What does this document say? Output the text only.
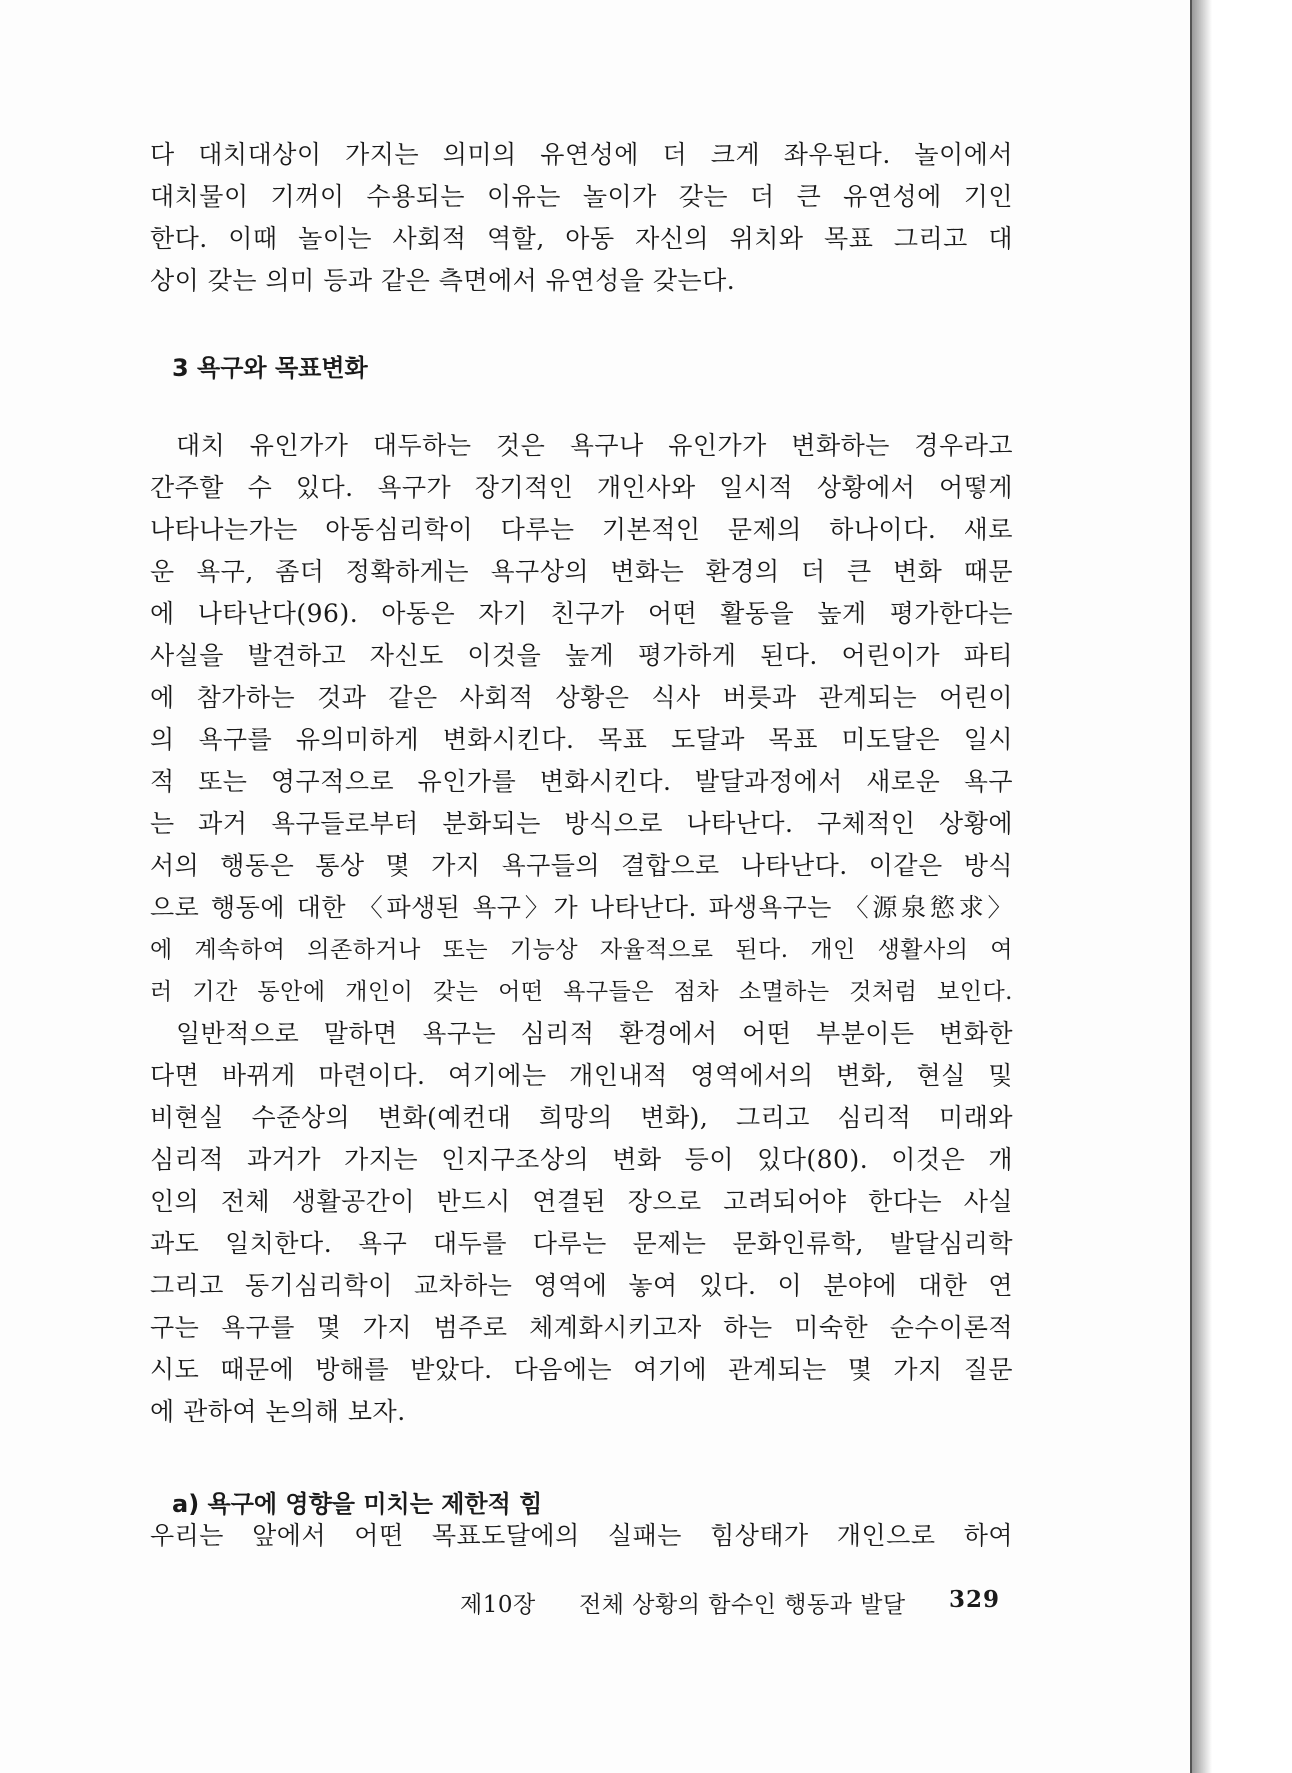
다 대치대상이 가지는 의미의 유연성에 더 크게 좌우된다. 놀이에서
대치물이 기꺼이 수용되는 이유는 놀이가 갖는 더 큰 유연성에 기인
한다. 이때 놀이는 사회적 역할, 아동 자신의 위치와 목표 그리고 대
상이 갖는 의미 등과 같은 측면에서 유연성을 갖는다.
3 욕구와 목표변화
대치 유인가가 대두하는 것은 욕구나 유인가가 변화하는 경우라고
간주할 수 있다. 욕구가 장기적인 개인사와 일시적 상황에서 어떻게
나타나는가는 아동심리학이 다루는 기본적인 문제의 하나이다. 새로
운 욕구, 좀더 정확하게는 욕구상의 변화는 환경의 더 큰 변화 때문
에 나타난다(96). 아동은 자기 친구가 어떤 활동을 높게 평가한다는
사실을 발견하고 자신도 이것을 높게 평가하게 된다. 어린이가 파티
에 참가하는 것과 같은 사회적 상황은 식사 버릇과 관계되는 어린이
의 욕구를 유의미하게 변화시킨다. 목표 도달과 목표 미도달은 일시
적 또는 영구적으로 유인가를 변화시킨다. 발달과정에서 새로운 욕구
는 과거 욕구들로부터 분화되는 방식으로 나타난다. 구체적인 상황에
서의 행동은 통상 몇 가지 욕구들의 결합으로 나타난다. 이같은 방식
으로 행동에 대한 〈파생된 욕구〉가 나타난다. 파생욕구는 〈源泉慾求〉
에 계속하여 의존하거나 또는 기능상 자율적으로 된다. 개인 생활사의 여
러 기간 동안에 개인이 갖는 어떤 욕구들은 점차 소멸하는 것처럼 보인다.
일반적으로 말하면 욕구는 심리적 환경에서 어떤 부분이든 변화한
다면 바뀌게 마련이다. 여기에는 개인내적 영역에서의 변화, 현실 및
비현실 수준상의 변화(예컨대 희망의 변화), 그리고 심리적 미래와
심리적 과거가 가지는 인지구조상의 변화 등이 있다(80). 이것은 개
인의 전체 생활공간이 반드시 연결된 장으로 고려되어야 한다는 사실
과도 일치한다. 욕구 대두를 다루는 문제는 문화인류학, 발달심리학
그리고 동기심리학이 교차하는 영역에 놓여 있다. 이 분야에 대한 연
구는 욕구를 몇 가지 범주로 체계화시키고자 하는 미숙한 순수이론적
시도 때문에 방해를 받았다. 다음에는 여기에 관계되는 몇 가지 질문
에 관하여 논의해 보자.
a) 욕구에 영향을 미치는 제한적 힘
우리는 앞에서 어떤 목표도달에의 실패는 힘상태가 개인으로 하여
제10장 전체 상황의 함수인 행동과 발달 329
